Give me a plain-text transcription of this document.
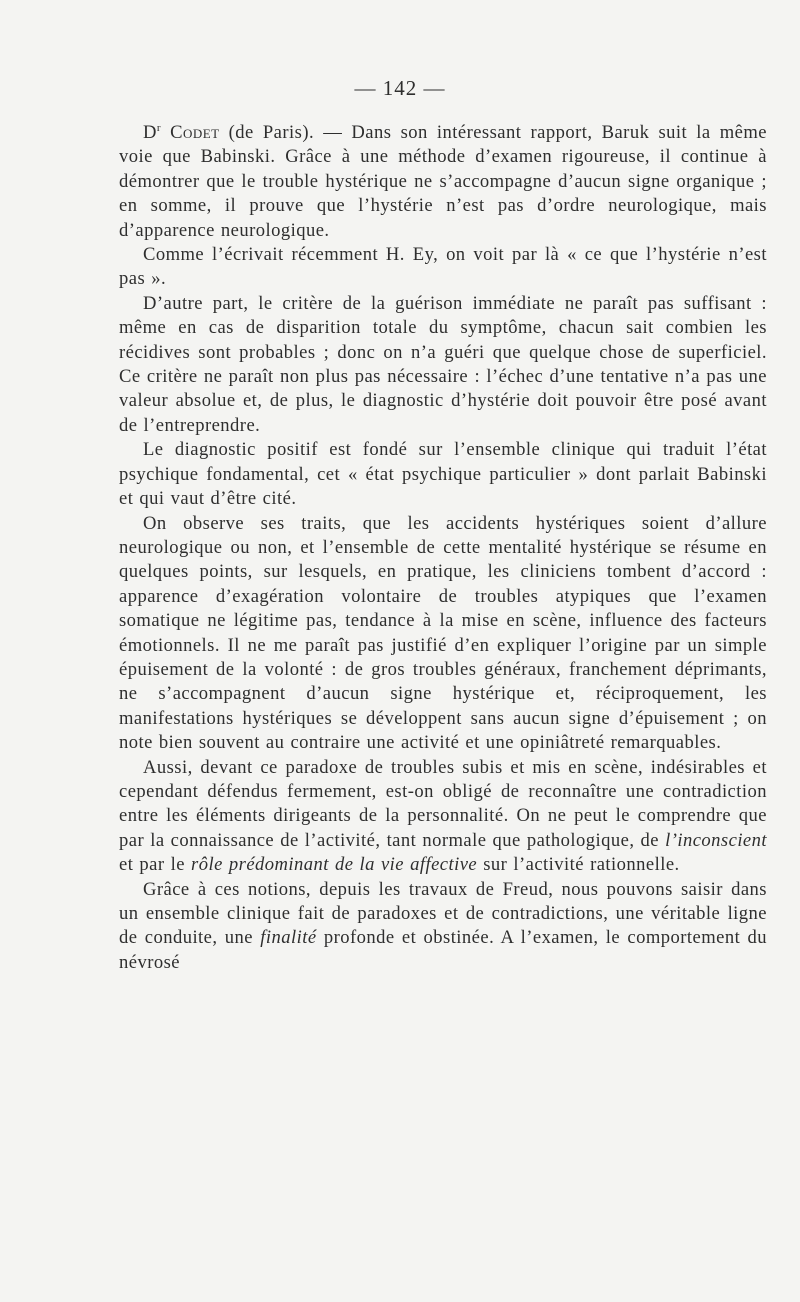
— 142 —

$D^r$ Codet (de Paris). — Dans son intéressant rapport, Baruk suit la même voie que Babinski. Grâce à une méthode d’examen rigoureuse, il continue à démontrer que le trouble hystérique ne s’accompagne d’aucun signe organique ; en somme, il prouve que l’hystérie n’est pas d’ordre neurologique, mais d’apparence neurologique.

Comme l’écrivait récemment H. Ey, on voit par là « ce que l’hystérie n’est pas ».

D’autre part, le critère de la guérison immédiate ne paraît pas suffisant : même en cas de disparition totale du symptôme, chacun sait combien les récidives sont probables ; donc on n’a guéri que quelque chose de superficiel. Ce critère ne paraît non plus pas nécessaire : l’échec d’une tentative n’a pas une valeur absolue et, de plus, le diagnostic d’hystérie doit pouvoir être posé avant de l’entreprendre.

Le diagnostic positif est fondé sur l’ensemble clinique qui traduit l’état psychique fondamental, cet « état psychique particulier » dont parlait Babinski et qui vaut d’être cité.

On observe ses traits, que les accidents hystériques soient d’allure neurologique ou non, et l’ensemble de cette mentalité hystérique se résume en quelques points, sur lesquels, en pratique, les cliniciens tombent d’accord : apparence d’exagération volontaire de troubles atypiques que l’examen somatique ne légitime pas, tendance à la mise en scène, influence des facteurs émotionnels. Il ne me paraît pas justifié d’en expliquer l’origine par un simple épuisement de la volonté : de gros troubles généraux, franchement déprimants, ne s’accompagnent d’aucun signe hystérique et, réciproquement, les manifestations hystériques se développent sans aucun signe d’épuisement ; on note bien souvent au contraire une activité et une opiniâtreté remarquables.

Aussi, devant ce paradoxe de troubles subis et mis en scène, indésirables et cependant défendus fermement, est-on obligé de reconnaître une contradiction entre les éléments dirigeants de la personnalité. On ne peut le comprendre que par la connaissance de l’activité, tant normale que pathologique, de l’inconscient et par le rôle prédominant de la vie affective sur l’activité rationnelle.

Grâce à ces notions, depuis les travaux de Freud, nous pouvons saisir dans un ensemble clinique fait de paradoxes et de contradictions, une véritable ligne de conduite, une finalité profonde et obstinée. A l’examen, le comportement du névrosé
